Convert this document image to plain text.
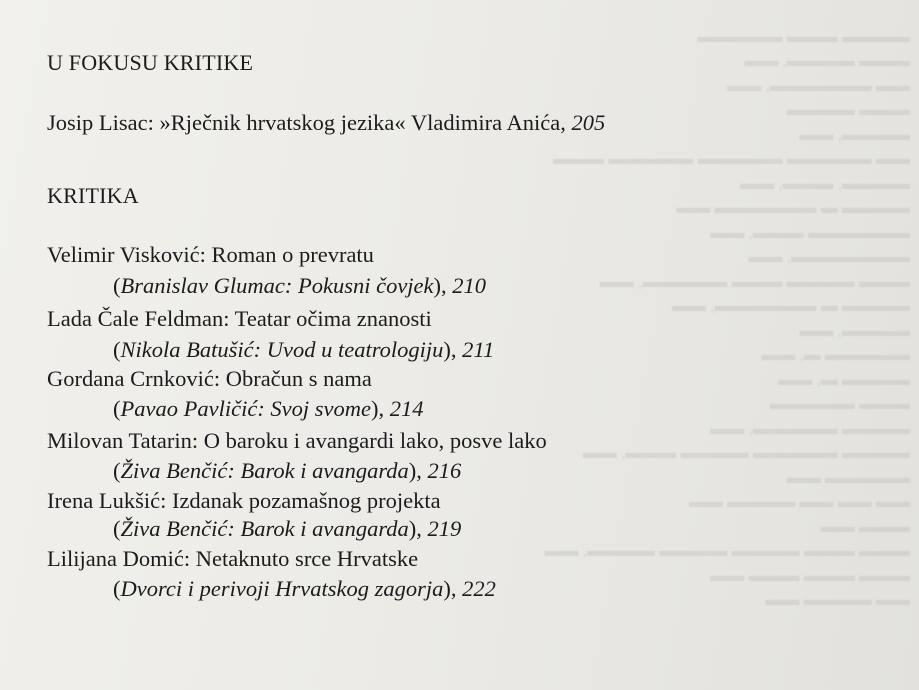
▬▬▬▬ ▬▬▬ ▬▬▬▬▬
▬▬▬ ▬▬▬▬, ▬▬
▬▬ ▬▬▬▬▬▬, ▬▬
▬▬▬ ▬▬▬▬
▬▬▬▬, ▬▬
▬▬ ▬▬▬▬▬ ▬▬▬▬▬ ▬▬▬▬▬ ▬▬▬
▬▬▬▬, ▬▬▬, ▬▬
▬▬▬▬ ▬ ▬▬▬▬▬▬ ▬▬
▬▬▬▬▬▬ ▬▬▬, ▬▬
▬▬▬▬▬▬▬, ▬▬
▬▬▬ ▬▬▬▬ ▬▬▬ ▬▬▬▬▬, ▬▬
▬▬▬▬ ▬ ▬▬▬▬▬▬, ▬▬
▬▬▬▬, ▬▬
▬▬▬▬▬ ▬, ▬▬
▬▬▬▬ ▬, ▬▬
▬▬▬ ▬▬▬▬▬
▬▬▬▬ ▬▬▬▬▬, ▬▬
▬▬▬▬ ▬▬▬▬▬ ▬▬▬▬ ▬▬▬, ▬▬
▬▬▬▬▬ ▬▬
▬▬ ▬▬ ▬▬ ▬▬▬▬ ▬▬
▬▬▬ ▬▬
▬▬▬ ▬▬▬ ▬▬▬▬ ▬▬▬▬ ▬▬▬▬, ▬▬
▬▬▬ ▬▬▬ ▬▬▬ ▬▬
▬▬ ▬▬▬▬ ▬▬
U FOKUSU KRITIKE
Josip Lisac: »Rječnik hrvatskog jezika« Vladimira Anića, 205
KRITIKA
Velimir Visković: Roman o prevratu
(Branislav Glumac: Pokusni čovjek), 210
Lada Čale Feldman: Teatar očima znanosti
(Nikola Batušić: Uvod u teatrologiju), 211
Gordana Crnković: Obračun s nama
(Pavao Pavličić: Svoj svome), 214
Milovan Tatarin: O baroku i avangardi lako, posve lako
(Živa Benčić: Barok i avangarda), 216
Irena Lukšić: Izdanak pozamašnog projekta
(Živa Benčić: Barok i avangarda), 219
Lilijana Domić: Netaknuto srce Hrvatske
(Dvorci i perivoji Hrvatskog zagorja), 222
